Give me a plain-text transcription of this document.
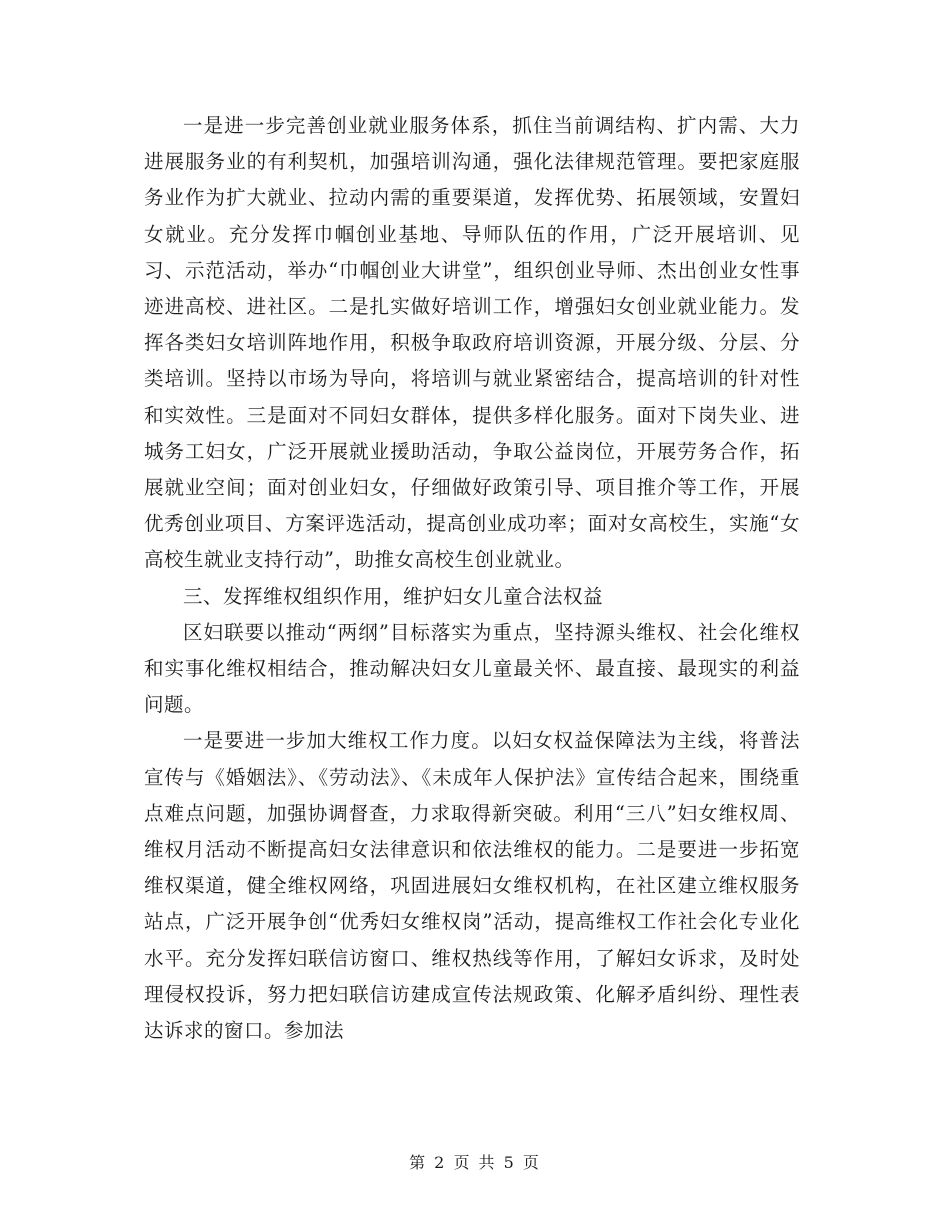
一是进一步完善创业就业服务体系，抓住当前调结构、扩内需、大力进展服务业的有利契机，加强培训沟通，强化法律规范管理。要把家庭服务业作为扩大就业、拉动内需的重要渠道，发挥优势、拓展领域，安置妇女就业。充分发挥巾帼创业基地、导师队伍的作用，广泛开展培训、见习、示范活动，举办“巾帼创业大讲堂”，组织创业导师、杰出创业女性事迹进高校、进社区。二是扎实做好培训工作，增强妇女创业就业能力。发挥各类妇女培训阵地作用，积极争取政府培训资源，开展分级、分层、分类培训。坚持以市场为导向，将培训与就业紧密结合，提高培训的针对性和实效性。三是面对不同妇女群体，提供多样化服务。面对下岗失业、进城务工妇女，广泛开展就业援助活动，争取公益岗位，开展劳务合作，拓展就业空间；面对创业妇女，仔细做好政策引导、项目推介等工作，开展优秀创业项目、方案评选活动，提高创业成功率；面对女高校生，实施“女高校生就业支持行动”，助推女高校生创业就业。

三、发挥维权组织作用，维护妇女儿童合法权益

区妇联要以推动“两纲”目标落实为重点，坚持源头维权、社会化维权和实事化维权相结合，推动解决妇女儿童最关怀、最直接、最现实的利益问题。

一是要进一步加大维权工作力度。以妇女权益保障法为主线，将普法宣传与《婚姻法》、《劳动法》、《未成年人保护法》宣传结合起来，围绕重点难点问题，加强协调督查，力求取得新突破。利用“三八”妇女维权周、维权月活动不断提高妇女法律意识和依法维权的能力。二是要进一步拓宽维权渠道，健全维权网络，巩固进展妇女维权机构，在社区建立维权服务站点，广泛开展争创“优秀妇女维权岗”活动，提高维权工作社会化专业化水平。充分发挥妇联信访窗口、维权热线等作用，了解妇女诉求，及时处理侵权投诉，努力把妇联信访建成宣传法规政策、化解矛盾纠纷、理性表达诉求的窗口。参加法

第 2 页 共 5 页
